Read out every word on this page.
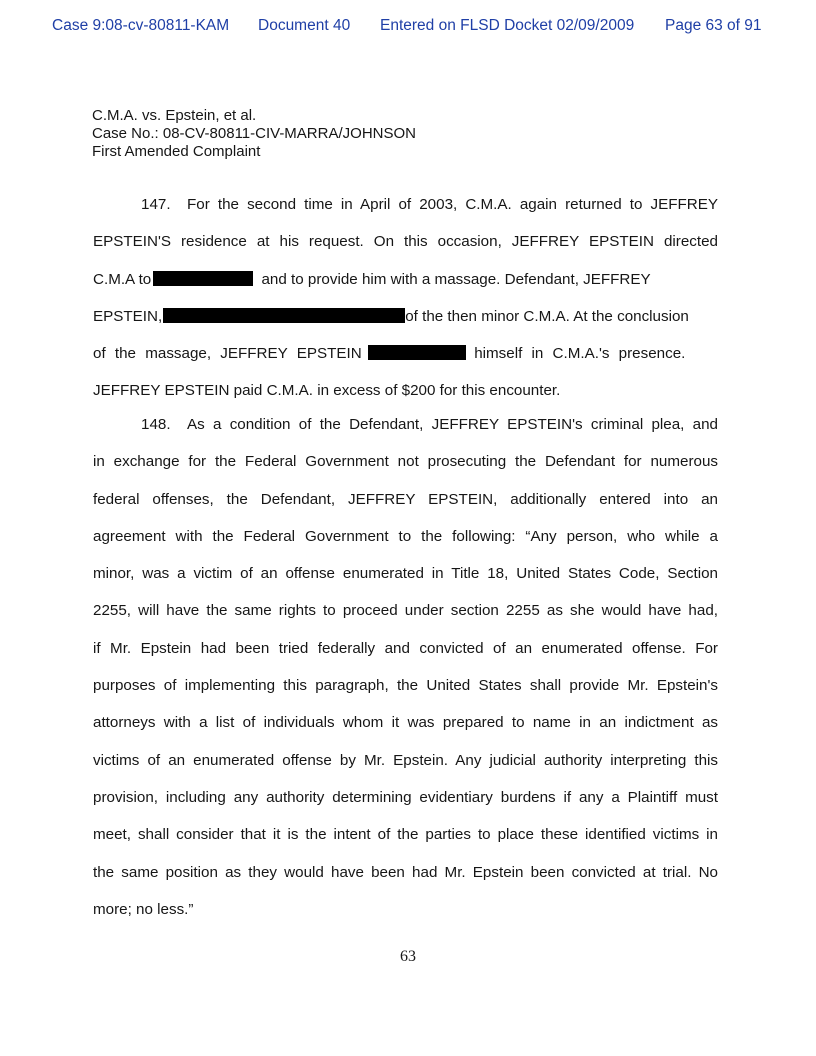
Case 9:08-cv-80811-KAM Document 40 Entered on FLSD Docket 02/09/2009 Page 63 of 91
C.M.A. vs. Epstein, et al.
Case No.: 08-CV-80811-CIV-MARRA/JOHNSON
First Amended Complaint
147. For the second time in April of 2003, C.M.A. again returned to JEFFREY
EPSTEIN'S residence at his request. On this occasion, JEFFREY EPSTEIN directed
C.M.A to	and to provide him with a massage. Defendant, JEFFREY
EPSTEIN,	of the then minor C.M.A. At the conclusion
of the massage, JEFFREY EPSTEIN	himself in C.M.A.'s presence.
JEFFREY EPSTEIN paid C.M.A. in excess of $200 for this encounter.
148. As a condition of the Defendant, JEFFREY EPSTEIN's criminal plea, and
in exchange for the Federal Government not prosecuting the Defendant for numerous
federal offenses, the Defendant, JEFFREY EPSTEIN, additionally entered into an
agreement with the Federal Government to the following: “Any person, who while a
minor, was a victim of an offense enumerated in Title 18, United States Code, Section
2255, will have the same rights to proceed under section 2255 as she would have had,
if Mr. Epstein had been tried federally and convicted of an enumerated offense. For
purposes of implementing this paragraph, the United States shall provide Mr. Epstein's
attorneys with a list of individuals whom it was prepared to name in an indictment as
victims of an enumerated offense by Mr. Epstein. Any judicial authority interpreting this
provision, including any authority determining evidentiary burdens if any a Plaintiff must
meet, shall consider that it is the intent of the parties to place these identified victims in
the same position as they would have been had Mr. Epstein been convicted at trial. No
more; no less.”
63
